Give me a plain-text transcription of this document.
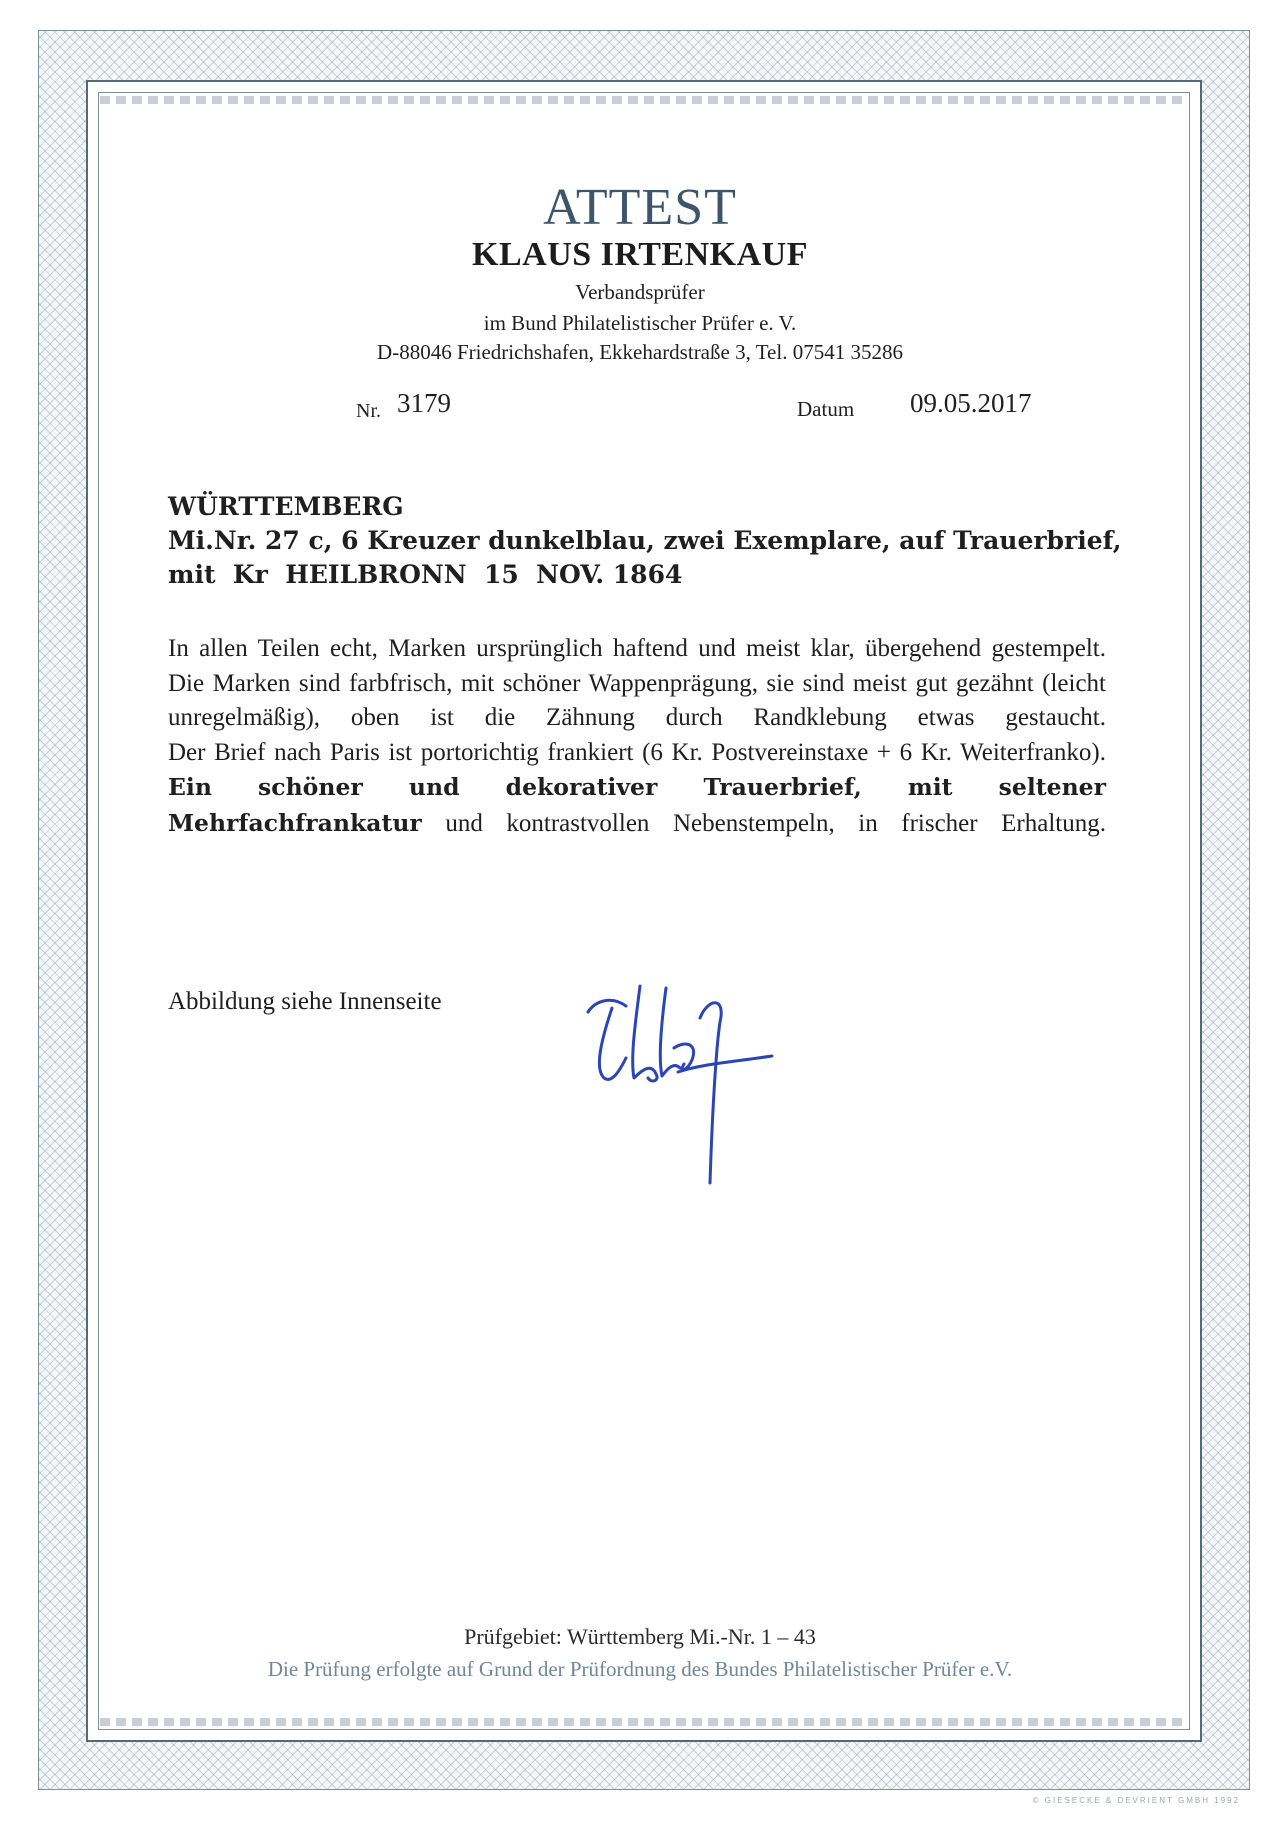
ATTEST
KLAUS IRTENKAUF
Verbandsprüfer
im Bund Philatelistischer Prüfer e. V.
D-88046 Friedrichshafen, Ekkehardstraße 3, Tel. 07541 35286
Nr. 3179	Datum 09.05.2017
WÜRTTEMBERG
Mi.Nr. 27 c, 6 Kreuzer dunkelblau, zwei Exemplare, auf Trauerbrief,
mit  Kr  HEILBRONN  15  NOV. 1864

In allen Teilen echt, Marken ursprünglich haftend und meist klar, übergehend gestempelt.

Die Marken sind farbfrisch, mit schöner Wappenprägung, sie sind meist gut gezähnt (leicht unregelmäßig), oben ist die Zähnung durch Randklebung etwas gestaucht.

Der Brief nach Paris ist portorichtig frankiert (6 Kr. Postvereinstaxe + 6 Kr. Weiterfranko).

Ein schöner und dekorativer Trauerbrief, mit seltener Mehrfachfrankatur und kontrastvollen Nebenstempeln, in frischer Erhaltung.

Abbildung siehe Innenseite
Prüfgebiet: Württemberg Mi.-Nr. 1 – 43
Die Prüfung erfolgte auf Grund der Prüfordnung des Bundes Philatelistischer Prüfer e.V.
© GIESECKE & DEVRIENT GMBH 1992
